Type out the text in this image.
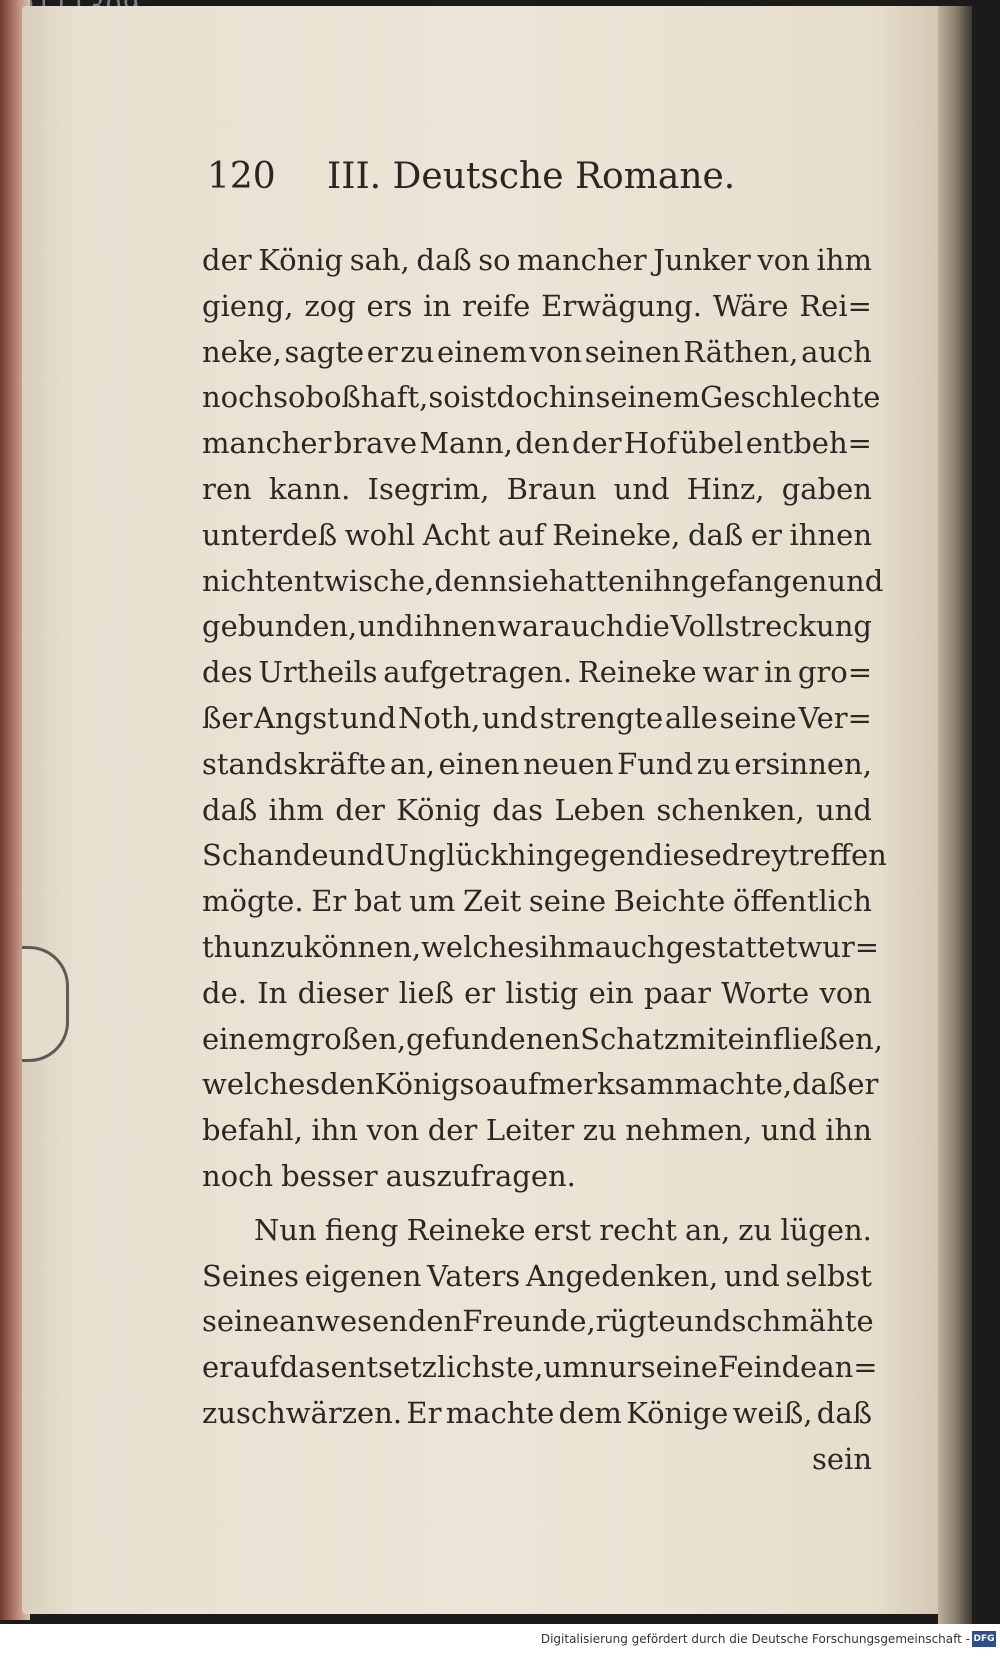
120 III. Deutsche Romane.
der König sah, daß so mancher Junker von ihm
gieng, zog ers in reife Erwägung. Wäre Rei=
neke, sagte er zu einem von seinen Räthen, auch
noch so boßhaft, so ist doch in seinem Geschlechte
mancher brave Mann, den der Hof übel entbeh=
ren kann. Isegrim, Braun und Hinz, gaben
unterdeß wohl Acht auf Reineke, daß er ihnen
nicht entwische, denn sie hatten ihn gefangen und
gebunden, und ihnen war auch die Vollstreckung
des Urtheils aufgetragen. Reineke war in gro=
ßer Angst und Noth, und strengte alle seine Ver=
standskräfte an, einen neuen Fund zu ersinnen,
daß ihm der König das Leben schenken, und
Schande und Unglück hingegen diese drey treffen
mögte. Er bat um Zeit seine Beichte öffentlich
thun zu können, welches ihm auch gestattet wur=
de. In dieser ließ er listig ein paar Worte von
einem großen, gefundenen Schatz mit einfließen,
welches den König so aufmerksam machte, daß er
befahl, ihn von der Leiter zu nehmen, und ihn
noch besser auszufragen.
Nun fieng Reineke erst recht an, zu lügen.
Seines eigenen Vaters Angedenken, und selbst
seine anwesenden Freunde, rügte und schmähte
er auf das entsetzlichste, um nur seine Feinde an=
zuschwärzen. Er machte dem Könige weiß, daß
sein
Digitalisierung gefördert durch die Deutsche Forschungsgemeinschaft - DFG
